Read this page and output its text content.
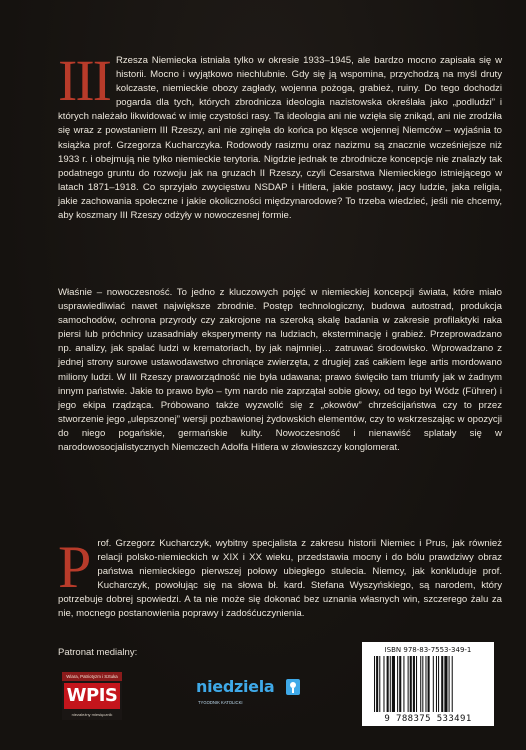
III Rzesza Niemiecka istniała tylko w okresie 1933–1945, ale bardzo mocno zapisała się w historii. Mocno i wyjątkowo niechlubnie. Gdy się ją wspomina, przychodzą na myśl druty kolczaste, niemieckie obozy zagłady, wojenna pożoga, grabież, ruiny. Do tego dochodzi pogarda dla tych, których zbrodnicza ideologia nazistowska określała jako „podludzi” i których należało likwidować w imię czystości rasy. Ta ideologia ani nie wzięła się znikąd, ani nie zrodziła się wraz z powstaniem III Rzeszy, ani nie zginęła do końca po klęsce wojennej Niemców – wyjaśnia to książka prof. Grzegorza Kucharczyka. Rodowody rasizmu oraz nazizmu są znacznie wcześniejsze niż 1933 r. i obejmują nie tylko niemieckie terytoria. Nigdzie jednak te zbrodnicze koncepcje nie znalazły tak podatnego gruntu do rozwoju jak na gruzach II Rzeszy, czyli Cesarstwa Niemieckiego istniejącego w latach 1871–1918. Co sprzyjało zwycięstwu NSDAP i Hitlera, jakie postawy, jacy ludzie, jaka religia, jakie zachowania społeczne i jakie okoliczności międzynarodowe? To trzeba wiedzieć, jeśli nie chcemy, aby koszmary III Rzeszy odżyły w nowoczesnej formie.
Właśnie – nowoczesność. To jedno z kluczowych pojęć w niemieckiej koncepcji świata, które miało usprawiedliwiać nawet największe zbrodnie. Postęp technologiczny, budowa autostrad, produkcja samochodów, ochrona przyrody czy zakrojone na szeroką skalę badania w zakresie profilaktyki raka piersi lub próchnicy uzasadniały eksperymenty na ludziach, eksterminację i grabież. Przeprowadzano np. analizy, jak spalać ludzi w krematoriach, by jak najmniej… zatruwać środowisko. Wprowadzano z jednej strony surowe ustawodawstwo chroniące zwierzęta, z drugiej zaś całkiem lege artis mordowano miliony ludzi. W III Rzeszy praworządność nie była udawana; prawo święciło tam triumfy jak w żadnym innym państwie. Jakie to prawo było – tym nardo nie zaprzątał sobie głowy, od tego był Wódz (Führer) i jego ekipa rządząca. Próbowano także wyzwolić się z „okowów” chrześcijaństwa czy to przez stworzenie jego „ulepszonej” wersji pozbawionej żydowskich elementów, czy to wskrzeszając w opozycji do niego pogańskie, germańskie kulty. Nowoczesność i nienawiść splatały się w narodowosocjalistycznych Niemczech Adolfa Hitlera w złowieszczy konglomerat.
P rof. Grzegorz Kucharczyk, wybitny specjalista z zakresu historii Niemiec i Prus, jak również relacji polsko-niemieckich w XIX i XX wieku, przedstawia mocny i do bólu prawdziwy obraz państwa niemieckiego pierwszej połowy ubiegłego stulecia. Niemcy, jak konkluduje prof. Kucharczyk, powołując się na słowa bł. kard. Stefana Wyszyńskiego, są narodem, który potrzebuje dobrej spowiedzi. A ta nie może się dokonać bez uznania własnych win, szczerego żalu za nie, mocnego postanowienia poprawy i zadośćuczynienia.
Patronat medialny:
Wiara, Patriotyzm i Sztuka
WPIS
niezależny miesięcznik
niedziela
TYGODNIK KATOLICKI
ISBN 978-83-7553-349-1
9 788375 533491
